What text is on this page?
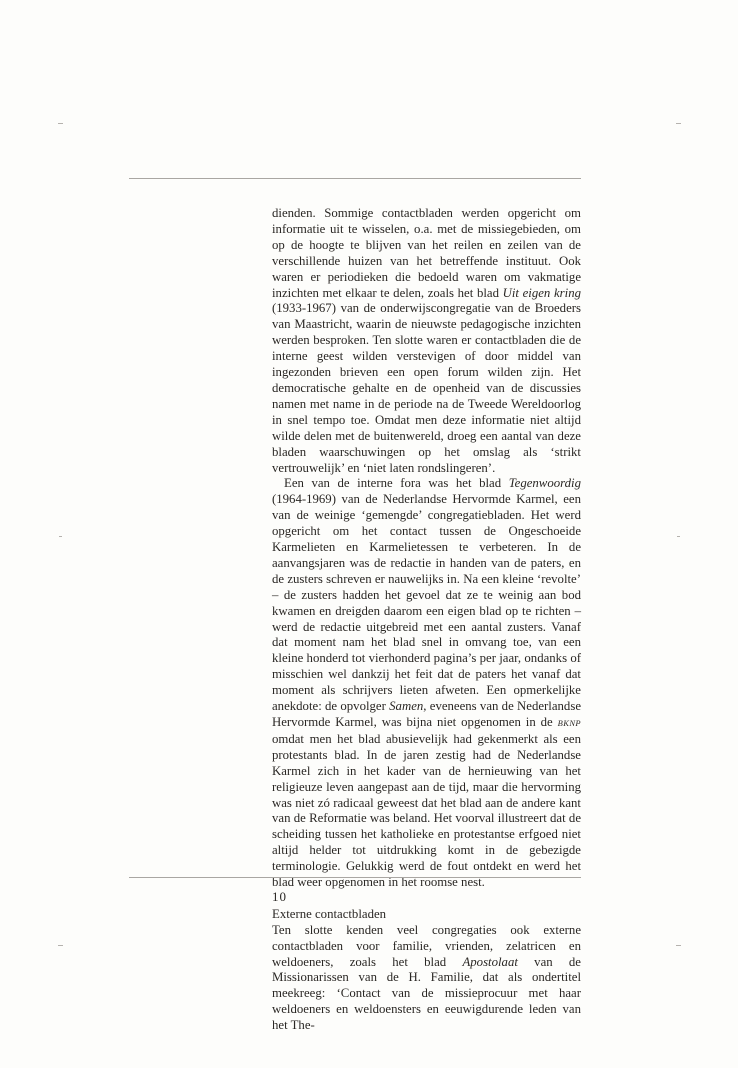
dienden. Sommige contactbladen werden opgericht om informatie uit te wisselen, o.a. met de missiegebieden, om op de hoogte te blijven van het reilen en zeilen van de verschillende huizen van het betreffende instituut. Ook waren er periodieken die bedoeld waren om vakmatige inzichten met elkaar te delen, zoals het blad Uit eigen kring (1933-1967) van de onderwijscongregatie van de Broeders van Maastricht, waarin de nieuwste pedagogische inzichten werden besproken. Ten slotte waren er contactbladen die de interne geest wilden verstevigen of door middel van ingezonden brieven een open forum wilden zijn. Het democratische gehalte en de openheid van de discussies namen met name in de periode na de Tweede Wereldoorlog in snel tempo toe. Omdat men deze informatie niet altijd wilde delen met de buitenwereld, droeg een aantal van deze bladen waarschuwingen op het omslag als ‘strikt vertrouwelijk’ en ‘niet laten rondslingeren’.

Een van de interne fora was het blad Tegenwoordig (1964-1969) van de Nederlandse Hervormde Karmel, een van de weinige ‘gemengde’ congregatiebladen. Het werd opgericht om het contact tussen de Ongeschoeide Karmelieten en Karmelietessen te verbeteren. In de aanvangsjaren was de redactie in handen van de paters, en de zusters schreven er nauwelijks in. Na een kleine ‘revolte’ – de zusters hadden het gevoel dat ze te weinig aan bod kwamen en dreigden daarom een eigen blad op te richten – werd de redactie uitgebreid met een aantal zusters. Vanaf dat moment nam het blad snel in omvang toe, van een kleine honderd tot vierhonderd pagina’s per jaar, ondanks of misschien wel dankzij het feit dat de paters het vanaf dat moment als schrijvers lieten afweten. Een opmerkelijke anekdote: de opvolger Samen, eveneens van de Nederlandse Hervormde Karmel, was bijna niet opgenomen in de BKNP omdat men het blad abusievelijk had gekenmerkt als een protestants blad. In de jaren zestig had de Nederlandse Karmel zich in het kader van de hernieuwing van het religieuze leven aangepast aan de tijd, maar die hervorming was niet zó radicaal geweest dat het blad aan de andere kant van de Reformatie was beland. Het voorval illustreert dat de scheiding tussen het katholieke en protestantse erfgoed niet altijd helder tot uitdrukking komt in de gebezigde terminologie. Gelukkig werd de fout ontdekt en werd het blad weer opgenomen in het roomse nest.

Externe contactbladen

Ten slotte kenden veel congregaties ook externe contactbladen voor familie, vrienden, zelatricen en weldoeners, zoals het blad Apostolaat van de Missionarissen van de H. Familie, dat als ondertitel meekreeg: ‘Contact van de missieprocuur met haar weldoeners en weldoensters en eeuwigdurende leden van het The-

10
